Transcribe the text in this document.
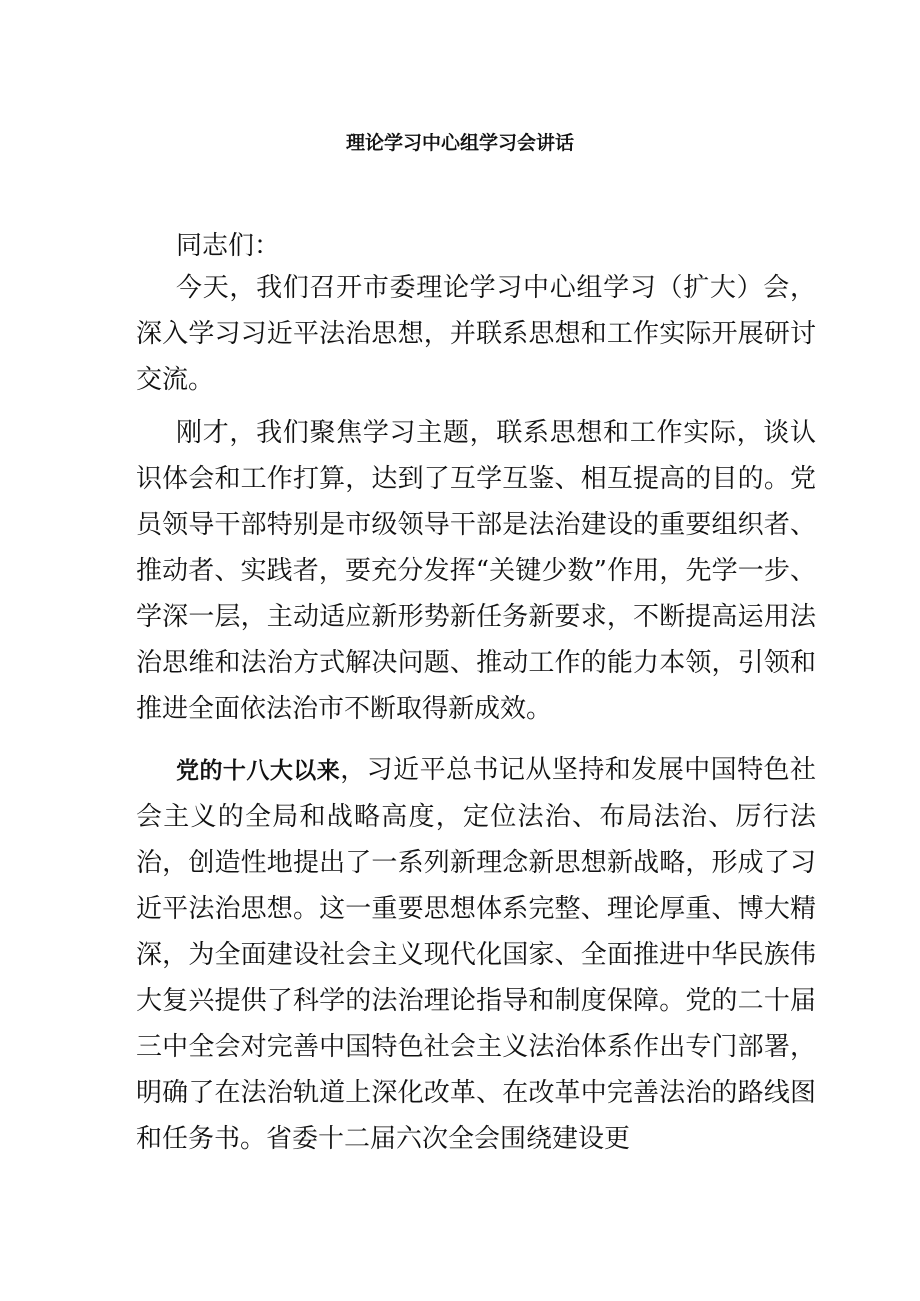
理论学习中心组学习会讲话

同志们：

今天，我们召开市委理论学习中心组学习（扩大）会，深入学习习近平法治思想，并联系思想和工作实际开展研讨交流。

刚才，我们聚焦学习主题，联系思想和工作实际，谈认识体会和工作打算，达到了互学互鉴、相互提高的目的。党员领导干部特别是市级领导干部是法治建设的重要组织者、推动者、实践者，要充分发挥“关键少数”作用，先学一步、学深一层，主动适应新形势新任务新要求，不断提高运用法治思维和法治方式解决问题、推动工作的能力本领，引领和推进全面依法治市不断取得新成效。

党的十八大以来，习近平总书记从坚持和发展中国特色社会主义的全局和战略高度，定位法治、布局法治、厉行法治，创造性地提出了一系列新理念新思想新战略，形成了习近平法治思想。这一重要思想体系完整、理论厚重、博大精深，为全面建设社会主义现代化国家、全面推进中华民族伟大复兴提供了科学的法治理论指导和制度保障。党的二十届三中全会对完善中国特色社会主义法治体系作出专门部署，明确了在法治轨道上深化改革、在改革中完善法治的路线图和任务书。省委十二届六次全会围绕建设更
